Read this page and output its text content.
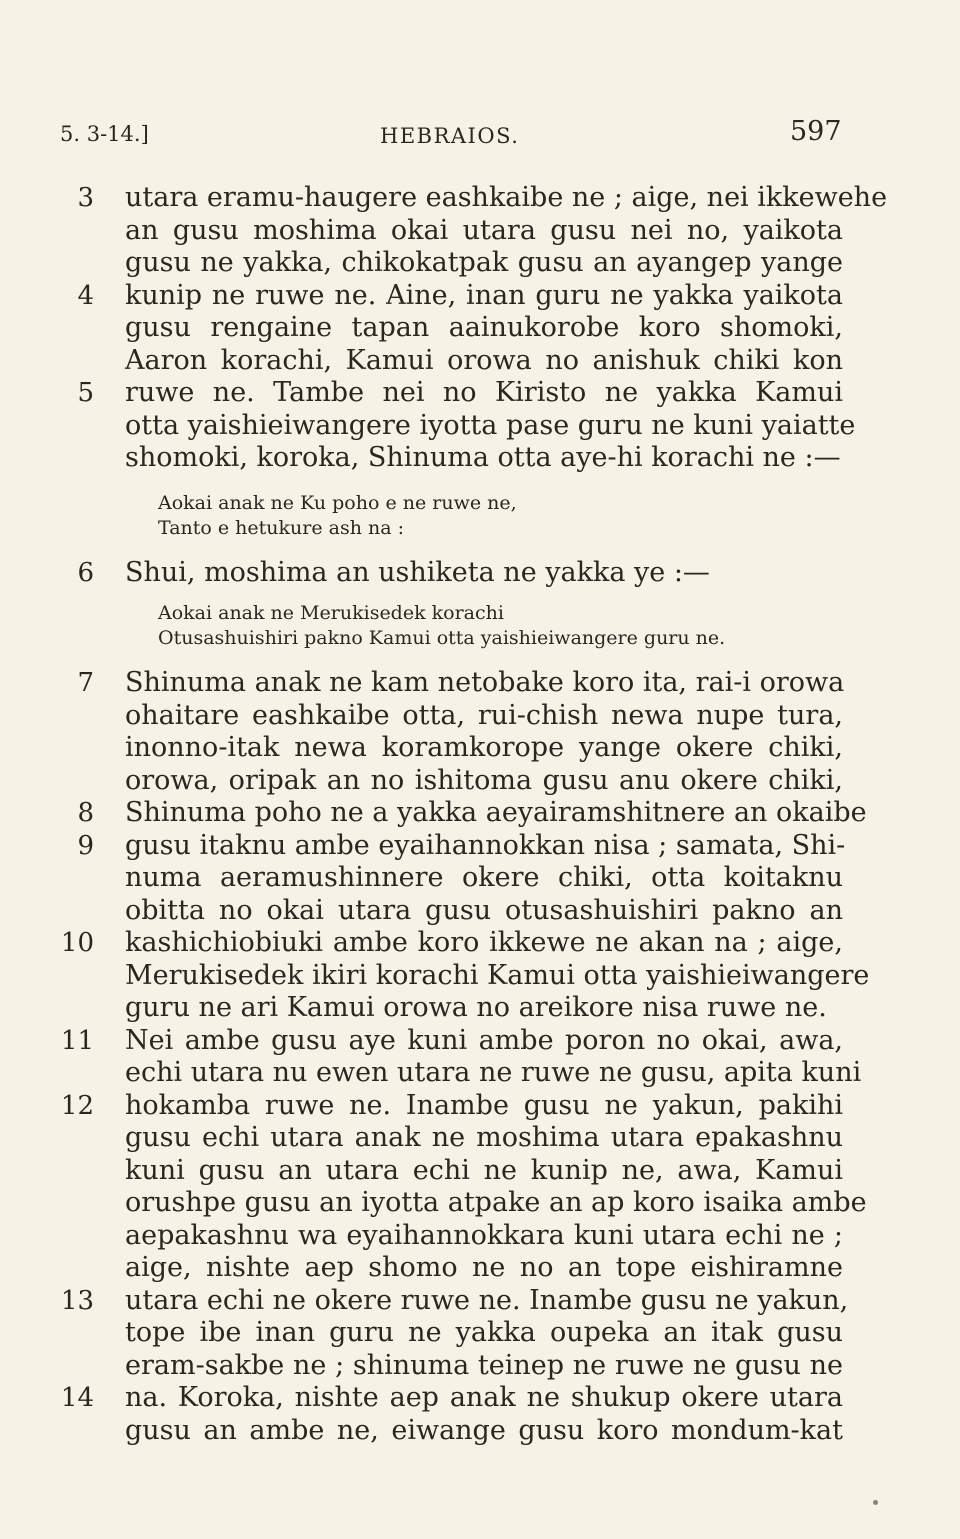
5. 3-14.]	HEBRAIOS.	597
3 utara eramu-haugere eashkaibe ne ; aige, nei ikkewehe
an gusu moshima okai utara gusu nei no, yaikota
gusu ne yakka, chikokatpak gusu an ayangep yange
4 kunip ne ruwe ne. Aine, inan guru ne yakka yaikota
gusu rengaine tapan aainukorobe koro shomoki,
Aaron korachi, Kamui orowa no anishuk chiki kon
5 ruwe ne. Tambe nei no Kiristo ne yakka Kamui
otta yaishieiwangere iyotta pase guru ne kuni yaiatte
shomoki, koroka, Shinuma otta aye-hi korachi ne :—
Aokai anak ne Ku poho e ne ruwe ne,
Tanto e hetukure ash na :
6 Shui, moshima an ushiketa ne yakka ye :—
Aokai anak ne Merukisedek korachi
Otusashuishiri pakno Kamui otta yaishieiwangere guru ne.
7 Shinuma anak ne kam netobake koro ita, rai-i orowa
ohaitare eashkaibe otta, rui-chish newa nupe tura,
inonno-itak newa koramkorope yange okere chiki,
orowa, oripak an no ishitoma gusu anu okere chiki,
8 Shinuma poho ne a yakka aeyairamshitnere an okaibe
9 gusu itaknu ambe eyaihannokkan nisa ; samata, Shi-
numa aeramushinnere okere chiki, otta koitaknu
obitta no okai utara gusu otusashuishiri pakno an
10 kashichiobiuki ambe koro ikkewe ne akan na ; aige,
Merukisedek ikiri korachi Kamui otta yaishieiwangere
guru ne ari Kamui orowa no areikore nisa ruwe ne.
11 Nei ambe gusu aye kuni ambe poron no okai, awa,
echi utara nu ewen utara ne ruwe ne gusu, apita kuni
12 hokamba ruwe ne. Inambe gusu ne yakun, pakihi
gusu echi utara anak ne moshima utara epakashnu
kuni gusu an utara echi ne kunip ne, awa, Kamui
orushpe gusu an iyotta atpake an ap koro isaika ambe
aepakashnu wa eyaihannokkara kuni utara echi ne ;
aige, nishte aep shomo ne no an tope eishiramne
13 utara echi ne okere ruwe ne. Inambe gusu ne yakun,
tope ibe inan guru ne yakka oupeka an itak gusu
eram-sakbe ne ; shinuma teinep ne ruwe ne gusu ne
14 na. Koroka, nishte aep anak ne shukup okere utara
gusu an ambe ne, eiwange gusu koro mondum-kat
